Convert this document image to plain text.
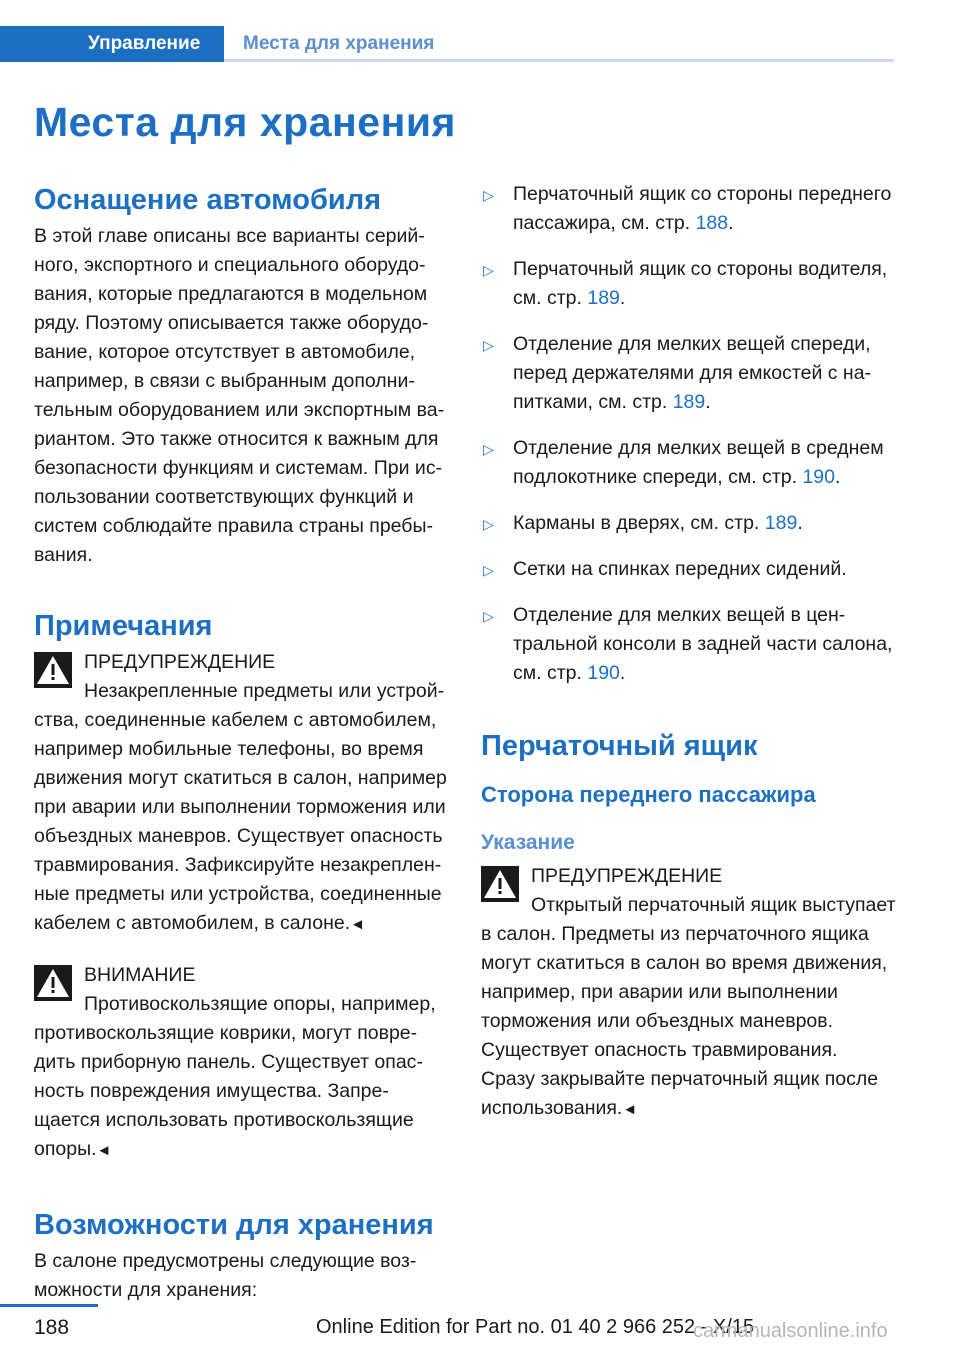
Управление	Места для хранения
Места для хранения
Оснащение автомобиля

В этой главе описаны все варианты серийного, экспортного и специального оборудования, которые предлагаются в модельном ряду. Поэтому описывается также оборудование, которое отсутствует в автомобиле, например, в связи с выбранным дополнительным оборудованием или экспортным вариантом. Это также относится к важным для безопасности функциям и системам. При использовании соответствующих функций и систем соблюдайте правила страны пребывания.

Примечания
ПРЕДУПРЕЖДЕНИЕ

Незакрепленные предметы или устройства, соединенные кабелем с автомобилем, например мобильные телефоны, во время движения могут скатиться в салон, например при аварии или выполнении торможения или объездных маневров. Существует опасность травмирования. Зафиксируйте незакрепленные предметы или устройства, соединенные кабелем с автомобилем, в салоне.◄

ВНИМАНИЕ

Противоскользящие опоры, например, противоскользящие коврики, могут повредить приборную панель. Существует опасность повреждения имущества. Запрещается использовать противоскользящие опоры.◄

Возможности для хранения

В салоне предусмотрены следующие возможности для хранения:

▷ Перчаточный ящик со стороны переднего пассажира, см. стр. 188.
▷ Перчаточный ящик со стороны водителя, см. стр. 189.
▷ Отделение для мелких вещей спереди, перед держателями для емкостей с напитками, см. стр. 189.
▷ Отделение для мелких вещей в среднем подлокотнике спереди, см. стр. 190.
▷ Карманы в дверях, см. стр. 189.
▷ Сетки на спинках передних сидений.
▷ Отделение для мелких вещей в центральной консоли в задней части салона, см. стр. 190.
Перчаточный ящик
Сторона переднего пассажира
Указание
ПРЕДУПРЕЖДЕНИЕ

Открытый перчаточный ящик выступает в салон. Предметы из перчаточного ящика могут скатиться в салон во время движения, например, при аварии или выполнении торможения или объездных маневров. Существует опасность травмирования. Сразу закрывайте перчаточный ящик после использования.◄

188	Online Edition for Part no. 01 40 2 966 252 - X/15
carmanualsonline.info
